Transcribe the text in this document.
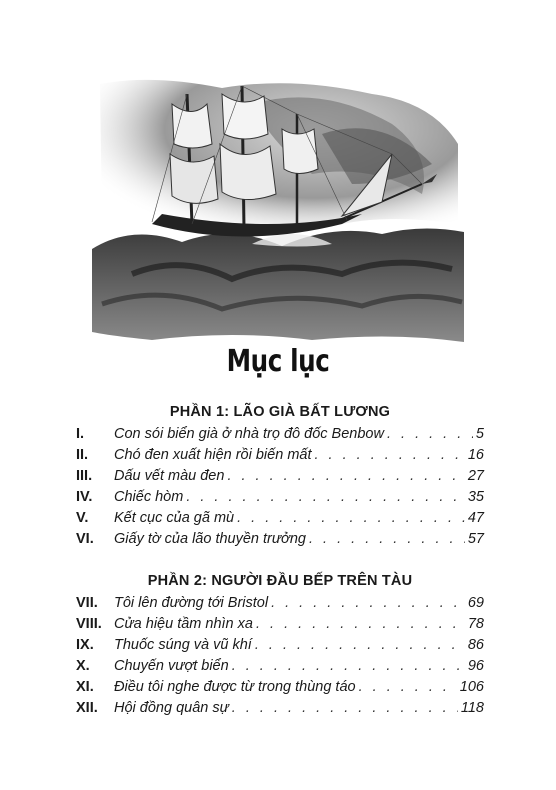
Mục lục
PHẦN 1: LÃO GIÀ BẤT LƯƠNG
I.	Con sói biển già ở nhà trọ đô đốc Benbow . . .	5
II.	Chó đen xuất hiện rồi biến mất . . .	16
III.	Dấu vết màu đen . . .	27
IV.	Chiếc hòm . . .	35
V.	Kết cục của gã mù . . .	47
VI.	Giấy tờ của lão thuyền trưởng . . .	57
PHẦN 2: NGƯỜI ĐẦU BẾP TRÊN TÀU
VII.	Tôi lên đường tới Bristol . . .	69
VIII. Cửa hiệu tầm nhìn xa . . .	78
IX.	Thuốc súng và vũ khí . . .	86
X.	Chuyến vượt biển . . .	96
XI.	Điều tôi nghe được từ trong thùng táo . . .	106
XII.	Hội đồng quân sự . . .	118
